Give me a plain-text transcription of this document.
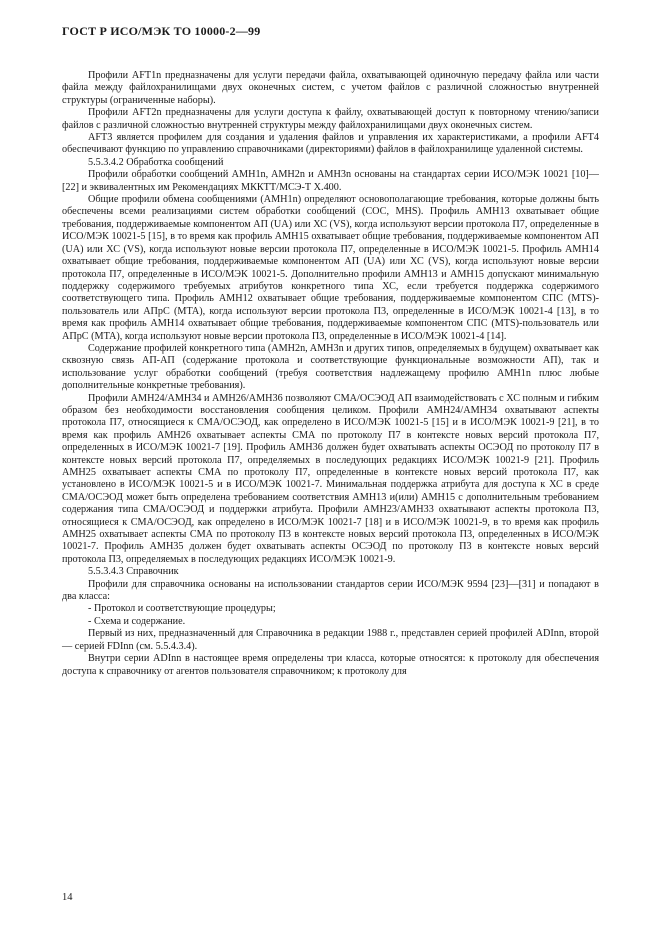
ГОСТ Р ИСО/МЭК ТО 10000-2—99

Профили AFT1n предназначены для услуги передачи файла, охватывающей одиночную передачу файла или части файла между файлохранилищами двух оконечных систем, с учетом файлов с различной сложностью внутренней структуры (ограниченные наборы).

Профили AFT2n предназначены для услуги доступа к файлу, охватывающей доступ к повторному чтению/записи файлов с различной сложностью внутренней структуры между файлохранилищами двух оконечных систем.

AFT3 является профилем для создания и удаления файлов и управления их характеристиками, а профили AFT4 обеспечивают функцию по управлению справочниками (директориями) файлов в файлохранилище удаленной системы.

5.5.3.4.2 Обработка сообщений

Профили обработки сообщений AMH1n, AMH2n и AMH3n основаны на стандартах серии ИСО/МЭК 10021 [10]—[22] и эквивалентных им Рекомендациях МККТТ/МСЭ-Т Х.400.

Общие профили обмена сообщениями (AMH1n) определяют основополагающие требования, которые должны быть обеспечены всеми реализациями систем обработки сообщений (СОС, MHS). Профиль AMH13 охватывает общие требования, поддерживаемые компонентом АП (UA) или ХС (VS), когда используют версии протокола П7, определенные в ИСО/МЭК 10021-5 [15], в то время как профиль AMH15 охватывает общие требования, поддерживаемые компонентом АП (UA) или ХС (VS), когда используют новые версии протокола П7, определенные в ИСО/МЭК 10021-5. Профиль AMH14 охватывает общие требования, поддерживаемые компонентом АП (UA) или ХС (VS), когда используют новые версии протокола П7, определенные в ИСО/МЭК 10021-5. Дополнительно профили AMH13 и AMH15 допускают минимальную поддержку содержимого требуемых атрибутов конкретного типа ХС, если требуется поддержка содержимого соответствующего типа. Профиль AMH12 охватывает общие требования, поддерживаемые компонентом СПС (MTS)-пользователь или АПрС (MTA), когда используют версии протокола П3, определенные в ИСО/МЭК 10021-4 [13], в то время как профиль AMH14 охватывает общие требования, поддерживаемые компонентом СПС (MTS)-пользователь или АПрС (MTA), когда используют новые версии протокола П3, определенные в ИСО/МЭК 10021-4 [14].

Содержание профилей конкретного типа (AMH2n, AMH3n и других типов, определяемых в будущем) охватывает как сквозную связь АП-АП (содержание протокола и соответствующие функциональные возможности АП), так и использование услуг обработки сообщений (требуя соответствия надлежащему профилю AMH1n плюс любые дополнительные конкретные требования).

Профили AMH24/AMH34 и AMH26/AMH36 позволяют СМА/ОСЭОД АП взаимодействовать с ХС полным и гибким образом без необходимости восстановления сообщения целиком. Профили AMH24/AMH34 охватывают аспекты протокола П7, относящиеся к СМА/ОСЭОД, как определено в ИСО/МЭК 10021-5 [15] и в ИСО/МЭК 10021-9 [21], в то время как профиль AMH26 охватывает аспекты СМА по протоколу П7 в контексте новых версий протокола П7, определенных в ИСО/МЭК 10021-7 [19]. Профиль AMH36 должен будет охватывать аспекты ОСЭОД по протоколу П7 в контексте новых версий протокола П7, определяемых в последующих редакциях ИСО/МЭК 10021-9 [21]. Профиль AMH25 охватывает аспекты СМА по протоколу П7, определенные в контексте новых версий протокола П7, как установлено в ИСО/МЭК 10021-5 и в ИСО/МЭК 10021-7. Минимальная поддержка атрибута для доступа к ХС в среде СМА/ОСЭОД может быть определена требованием соответствия AMH13 и(или) AMH15 с дополнительным требованием содержания типа СМА/ОСЭОД и поддержки атрибута. Профили AMH23/AMH33 охватывают аспекты протокола П3, относящиеся к СМА/ОСЭОД, как определено в ИСО/МЭК 10021-7 [18] и в ИСО/МЭК 10021-9, в то время как профиль AMH25 охватывает аспекты СМА по протоколу П3 в контексте новых версий протокола П3, определенных в ИСО/МЭК 10021-7. Профиль AMH35 должен будет охватывать аспекты ОСЭОД по протоколу П3 в контексте новых версий протокола П3, определяемых в последующих редакциях ИСО/МЭК 10021-9.

5.5.3.4.3 Справочник

Профили для справочника основаны на использовании стандартов серии ИСО/МЭК 9594 [23]—[31] и попадают в два класса:

- Протокол и соответствующие процедуры;

- Схема и содержание.

Первый из них, предназначенный для Справочника в редакции 1988 г., представлен серией профилей ADInn, второй — серией FDInn (см. 5.5.4.3.4).

Внутри серии ADInn в настоящее время определены три класса, которые относятся: к протоколу для обеспечения доступа к справочнику от агентов пользователя справочником; к протоколу для

14
